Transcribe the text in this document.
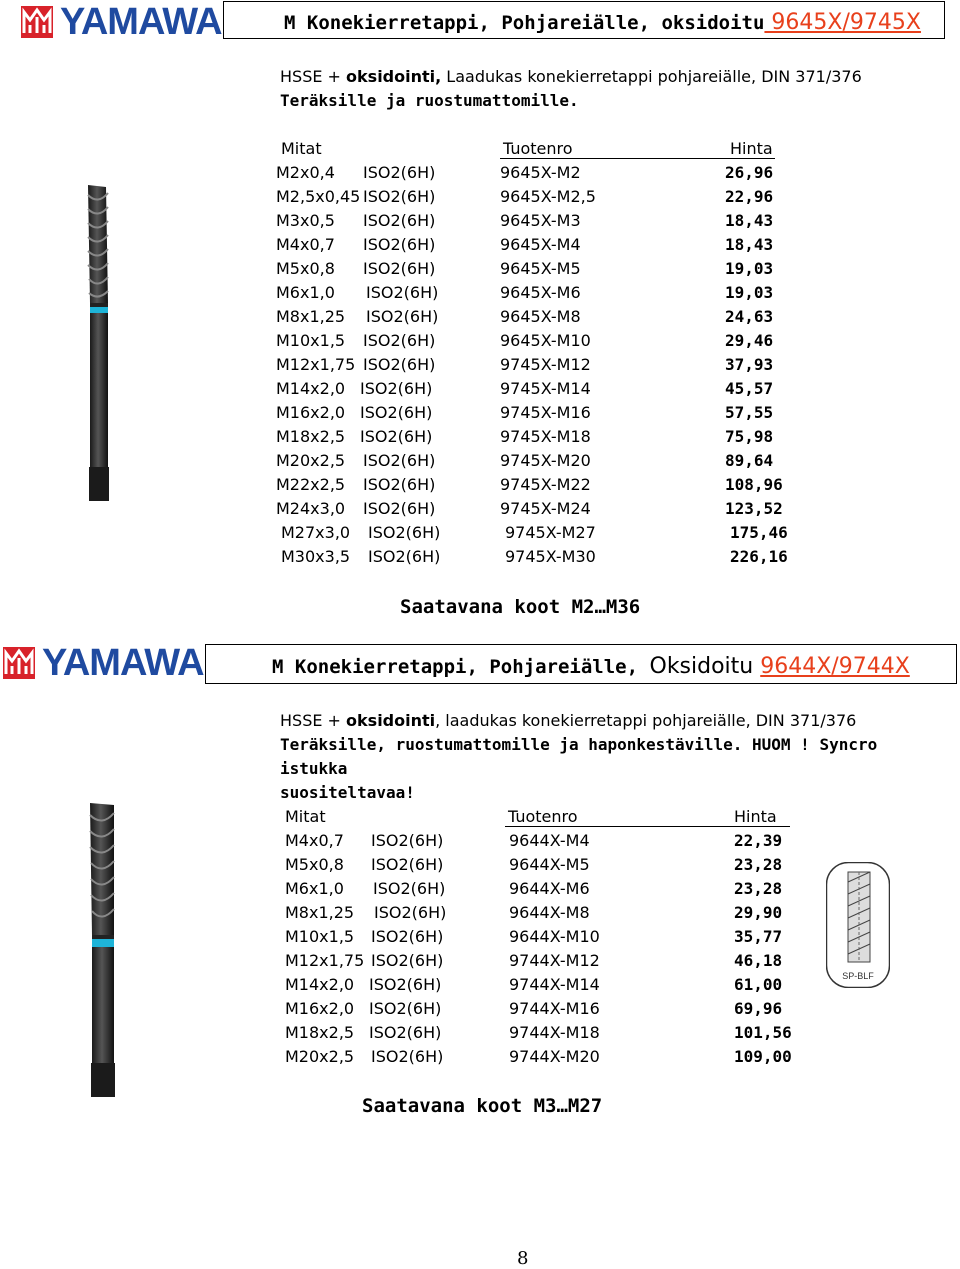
YAMAWA	M Konekierretappi, Pohjareiälle, oksidoitu 9645X/9745X
HSSE + oksidointi, Laadukas konekierretappi pohjareiälle, DIN 371/376
Teräksille ja ruostumattomille.
Mitat	Tuotenro	Hinta
M2x0,4 ISO2(6H)	9645X-M2	26,96
M2,5x0,45 ISO2(6H)	9645X-M2,5	22,96
M3x0,5 ISO2(6H)	9645X-M3	18,43
M4x0,7 ISO2(6H)	9645X-M4	18,43
M5x0,8 ISO2(6H)	9645X-M5	19,03
M6x1,0 ISO2(6H)	9645X-M6	19,03
M8x1,25 ISO2(6H)	9645X-M8	24,63
M10x1,5 ISO2(6H)	9645X-M10	29,46
M12x1,75 ISO2(6H)	9745X-M12	37,93
M14x2,0 ISO2(6H)	9745X-M14	45,57
M16x2,0 ISO2(6H)	9745X-M16	57,55
M18x2,5 ISO2(6H)	9745X-M18	75,98
M20x2,5 ISO2(6H)	9745X-M20	89,64
M22x2,5 ISO2(6H)	9745X-M22	108,96
M24x3,0 ISO2(6H)	9745X-M24	123,52
M27x3,0 ISO2(6H)	9745X-M27	175,46
M30x3,5 ISO2(6H)	9745X-M30	226,16
Saatavana koot M2…M36
YAMAWA	M Konekierretappi, Pohjareiälle, Oksidoitu 9644X/9744X
HSSE + oksidointi, laadukas konekierretappi pohjareiälle, DIN 371/376
Teräksille, ruostumattomille ja haponkestäville. HUOM ! Syncro istukka
suositeltavaa!
Mitat	Tuotenro	Hinta
M4x0,7 ISO2(6H)	9644X-M4	22,39
M5x0,8 ISO2(6H)	9644X-M5	23,28
M6x1,0 ISO2(6H)	9644X-M6	23,28
M8x1,25 ISO2(6H)	9644X-M8	29,90
M10x1,5 ISO2(6H)	9644X-M10	35,77
M12x1,75 ISO2(6H)	9744X-M12	46,18
M14x2,0 ISO2(6H)	9744X-M14	61,00
M16x2,0 ISO2(6H)	9744X-M16	69,96
M18x2,5 ISO2(6H)	9744X-M18	101,56
M20x2,5 ISO2(6H)	9744X-M20	109,00
Saatavana koot M3…M27
SP-BLF
8
